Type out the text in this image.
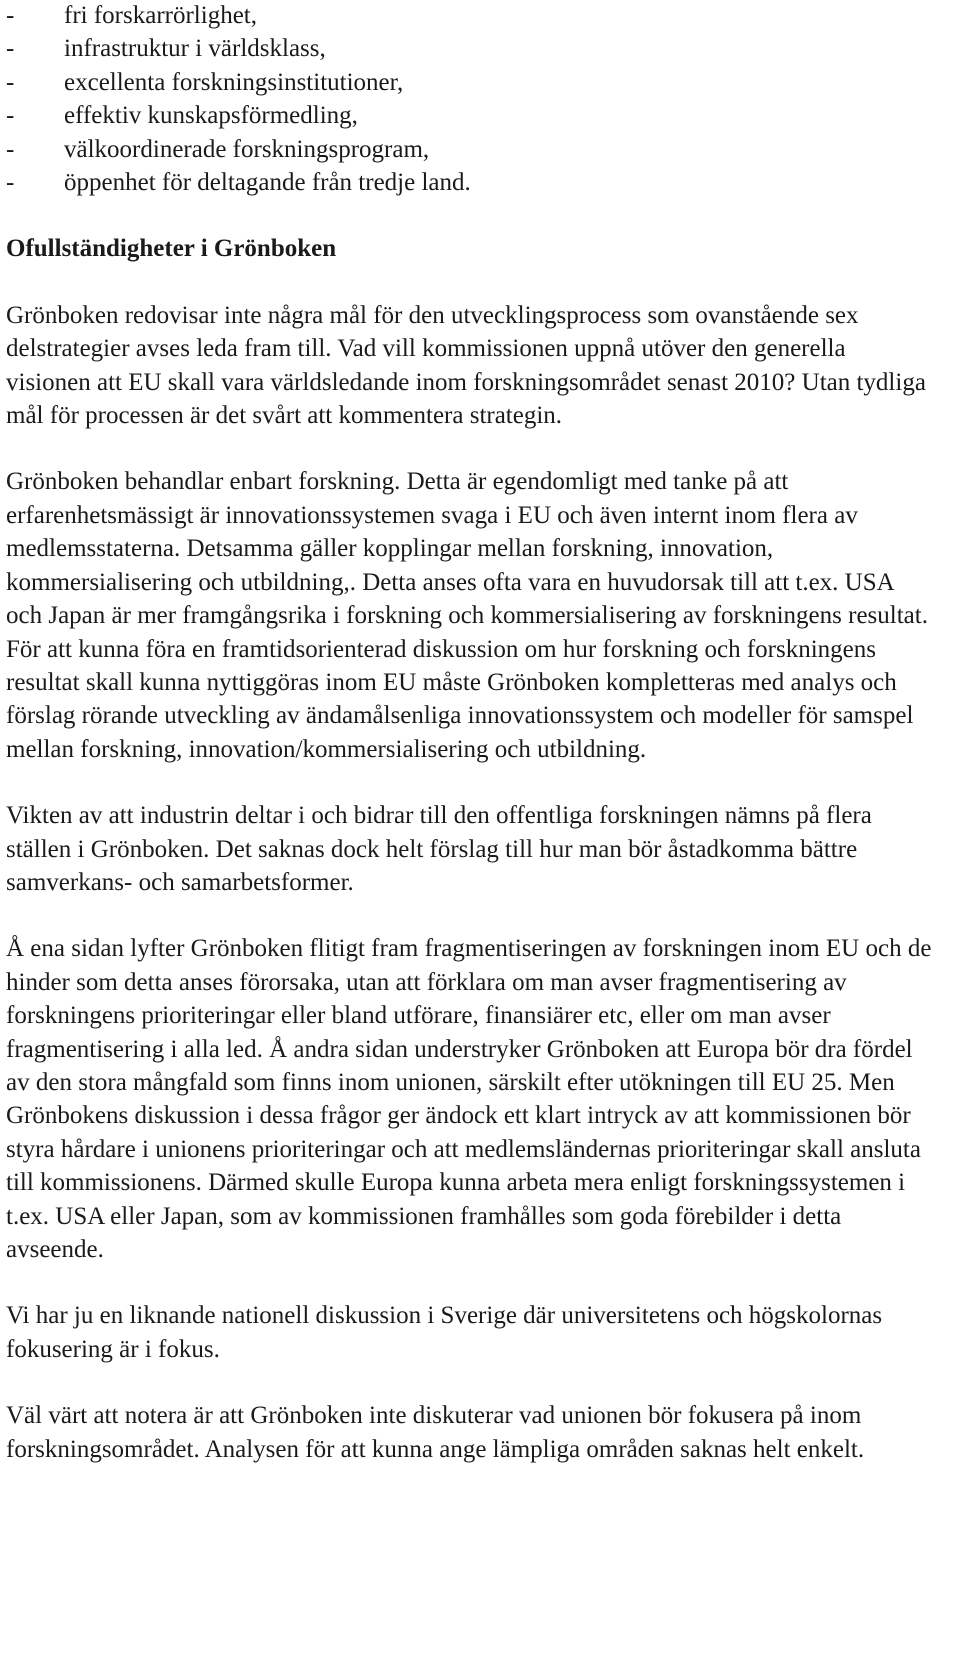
-	fri forskarrörlighet,
-	infrastruktur i världsklass,
-	excellenta forskningsinstitutioner,
-	effektiv kunskapsförmedling,
-	välkoordinerade forskningsprogram,
-	öppenhet för deltagande från tredje land.
Ofullständigheter i Grönboken

Grönboken redovisar inte några mål för den utvecklingsprocess som ovanstående sex delstrategier avses leda fram till. Vad vill kommissionen uppnå utöver den generella visionen att EU skall vara världsledande inom forskningsområdet senast 2010? Utan tydliga mål för processen är det svårt att kommentera strategin.

Grönboken behandlar enbart forskning. Detta är egendomligt med tanke på att erfarenhetsmässigt är innovationssystemen svaga i EU och även internt inom flera av medlemsstaterna. Detsamma gäller kopplingar mellan forskning, innovation, kommersialisering och utbildning,. Detta anses ofta vara en huvudorsak till att t.ex. USA och Japan är mer framgångsrika i forskning och kommersialisering av forskningens resultat. För att kunna föra en framtidsorienterad diskussion om hur forskning och forskningens resultat skall kunna nyttiggöras inom EU måste Grönboken kompletteras med analys och förslag rörande utveckling av ändamålsenliga innovationssystem och modeller för samspel mellan forskning, innovation/kommersialisering och utbildning.

Vikten av att industrin deltar i och bidrar till den offentliga forskningen nämns på flera ställen i Grönboken. Det saknas dock helt förslag till hur man bör åstadkomma bättre samverkans- och samarbetsformer.

Å ena sidan lyfter Grönboken flitigt fram fragmentiseringen av forskningen inom EU och de hinder som detta anses förorsaka, utan att förklara om man avser fragmentisering av forskningens prioriteringar eller bland utförare, finansiärer etc, eller om man avser fragmentisering i alla led. Å andra sidan understryker Grönboken att Europa bör dra fördel av den stora mångfald som finns inom unionen, särskilt efter utökningen till EU 25. Men Grönbokens diskussion i dessa frågor ger ändock ett klart intryck av att kommissionen bör styra hårdare i unionens prioriteringar och att medlemsländernas prioriteringar skall ansluta till kommissionens. Därmed skulle Europa kunna arbeta mera enligt forskningssystemen i t.ex. USA eller Japan, som av kommissionen framhålles som goda förebilder i detta avseende.

Vi har ju en liknande nationell diskussion i Sverige där universitetens och högskolornas fokusering är i fokus.

Väl värt att notera är att Grönboken inte diskuterar vad unionen bör fokusera på inom forskningsområdet. Analysen för att kunna ange lämpliga områden saknas helt enkelt.
